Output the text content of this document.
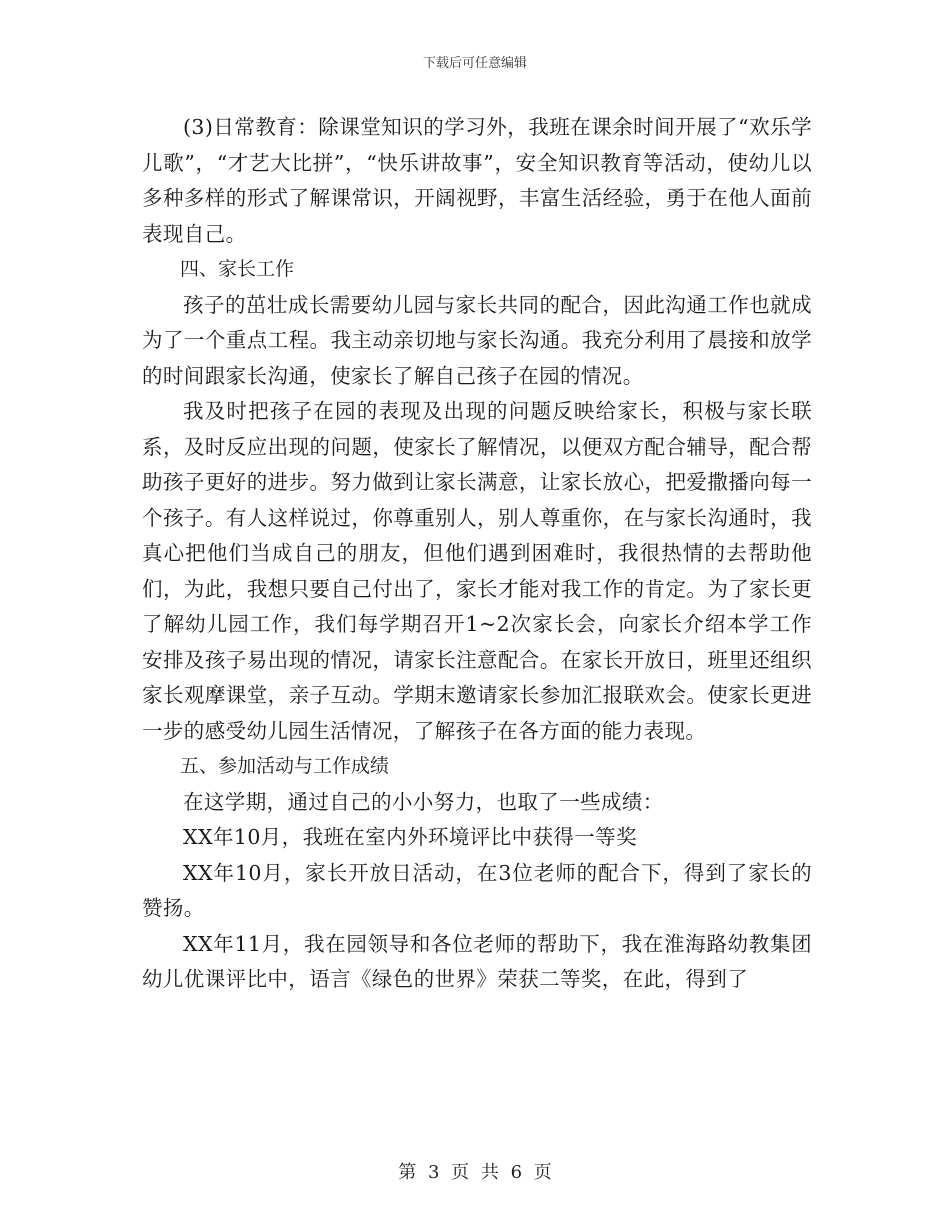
下载后可任意编辑

(3)日常教育：除课堂知识的学习外，我班在课余时间开展了“欢乐学儿歌”，“才艺大比拼”，“快乐讲故事”，安全知识教育等活动，使幼儿以多种多样的形式了解课常识，开阔视野，丰富生活经验，勇于在他人面前表现自己。

四、家长工作

孩子的茁壮成长需要幼儿园与家长共同的配合，因此沟通工作也就成为了一个重点工程。我主动亲切地与家长沟通。我充分利用了晨接和放学的时间跟家长沟通，使家长了解自己孩子在园的情况。

我及时把孩子在园的表现及出现的问题反映给家长，积极与家长联系，及时反应出现的问题，使家长了解情况，以便双方配合辅导，配合帮助孩子更好的进步。努力做到让家长满意，让家长放心，把爱撒播向每一个孩子。有人这样说过，你尊重别人，别人尊重你，在与家长沟通时，我真心把他们当成自己的朋友，但他们遇到困难时，我很热情的去帮助他们，为此，我想只要自己付出了，家长才能对我工作的肯定。为了家长更了解幼儿园工作，我们每学期召开1~2次家长会，向家长介绍本学工作安排及孩子易出现的情况，请家长注意配合。在家长开放日，班里还组织家长观摩课堂，亲子互动。学期末邀请家长参加汇报联欢会。使家长更进一步的感受幼儿园生活情况，了解孩子在各方面的能力表现。

五、参加活动与工作成绩

在这学期，通过自己的小小努力，也取了一些成绩：

XX年10月，我班在室内外环境评比中获得一等奖

XX年10月，家长开放日活动，在3位老师的配合下，得到了家长的赞扬。

XX年11月，我在园领导和各位老师的帮助下，我在淮海路幼教集团幼儿优课评比中，语言《绿色的世界》荣获二等奖，在此，得到了

第 3 页 共 6 页
